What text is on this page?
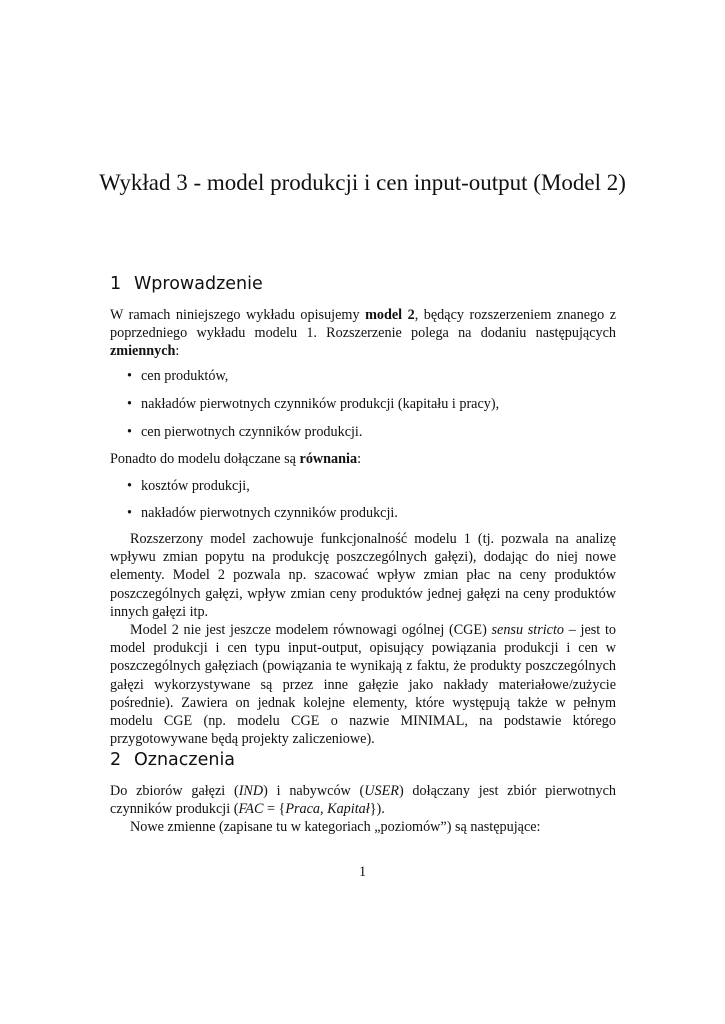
Wykład 3 - model produkcji i cen input-output (Model 2)
1 Wprowadzenie

W ramach niniejszego wykładu opisujemy model 2, będący rozszerzeniem znanego z poprzedniego wykładu modelu 1. Rozszerzenie polega na dodaniu następujących zmiennych:

• cen produktów,
• nakładów pierwotnych czynników produkcji (kapitału i pracy),
• cen pierwotnych czynników produkcji.

Ponadto do modelu dołączane są równania:

• kosztów produkcji,
• nakładów pierwotnych czynników produkcji.

Rozszerzony model zachowuje funkcjonalność modelu 1 (tj. pozwala na analizę wpływu zmian popytu na produkcję poszczególnych gałęzi), dodając do niej nowe elementy. Model 2 pozwala np. szacować wpływ zmian płac na ceny produktów poszczególnych gałęzi, wpływ zmian ceny produktów jednej gałęzi na ceny produktów innych gałęzi itp.

Model 2 nie jest jeszcze modelem równowagi ogólnej (CGE) sensu stricto – jest to model produkcji i cen typu input-output, opisujący powiązania produkcji i cen w poszczególnych gałęziach (powiązania te wynikają z faktu, że produkty poszczególnych gałęzi wykorzystywane są przez inne gałęzie jako nakłady materiałowe/zużycie pośrednie). Zawiera on jednak kolejne elementy, które występują także w pełnym modelu CGE (np. modelu CGE o nazwie MINIMAL, na podstawie którego przygotowywane będą projekty zaliczeniowe).

2 Oznaczenia

Do zbiorów gałęzi (IND) i nabywców (USER) dołączany jest zbiór pierwotnych czynników produkcji (FAC = {Praca, Kapitał}).

Nowe zmienne (zapisane tu w kategoriach „poziomów”) są następujące:

1
